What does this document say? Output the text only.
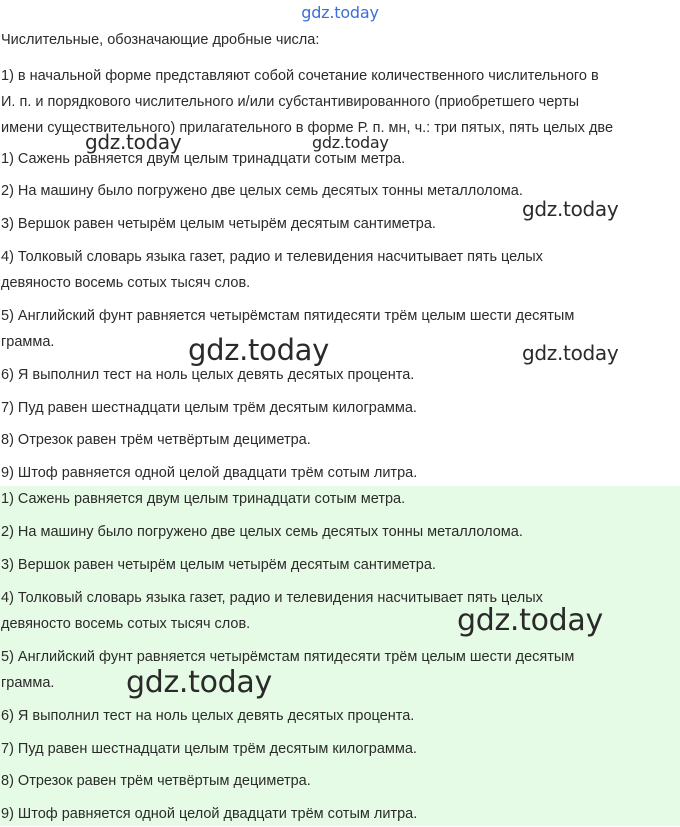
gdz.today
Числительные, обозначающие дробные числа:
1) в начальной форме представляют собой сочетание количественного числительного в
И. п. и порядкового числительного и/или субстантивированного (приобретшего черты
имени существительного) прилагательного в форме Р. п. мн, ч.: три пятых, пять целых две
1) Сажень равняется двум целым тринадцати сотым метра.
2) На машину было погружено две целых семь десятых тонны металлолома.
3) Вершок равен четырём целым четырём десятым сантиметра.
4) Толковый словарь языка газет, радио и телевидения насчитывает пять целых
девяносто восемь сотых тысяч слов.
5) Английский фунт равняется четырёмстам пятидесяти трём целым шести десятым
грамма.
6) Я выполнил тест на ноль целых девять десятых процента.
7) Пуд равен шестнадцати целым трём десятым килограмма.
8) Отрезок равен трём четвёртым дециметра.
9) Штоф равняется одной целой двадцати трём сотым литра.
1) Сажень равняется двум целым тринадцати сотым метра.
2) На машину было погружено две целых семь десятых тонны металлолома.
3) Вершок равен четырём целым четырём десятым сантиметра.
4) Толковый словарь языка газет, радио и телевидения насчитывает пять целых
девяносто восемь сотых тысяч слов.
5) Английский фунт равняется четырёмстам пятидесяти трём целым шести десятым
грамма.
6) Я выполнил тест на ноль целых девять десятых процента.
7) Пуд равен шестнадцати целым трём десятым килограмма.
8) Отрезок равен трём четвёртым дециметра.
9) Штоф равняется одной целой двадцати трём сотым литра.
gdz.today	gdz.today
gdz.today
gdz.today	gdz.today
gdz.today
gdz.today
